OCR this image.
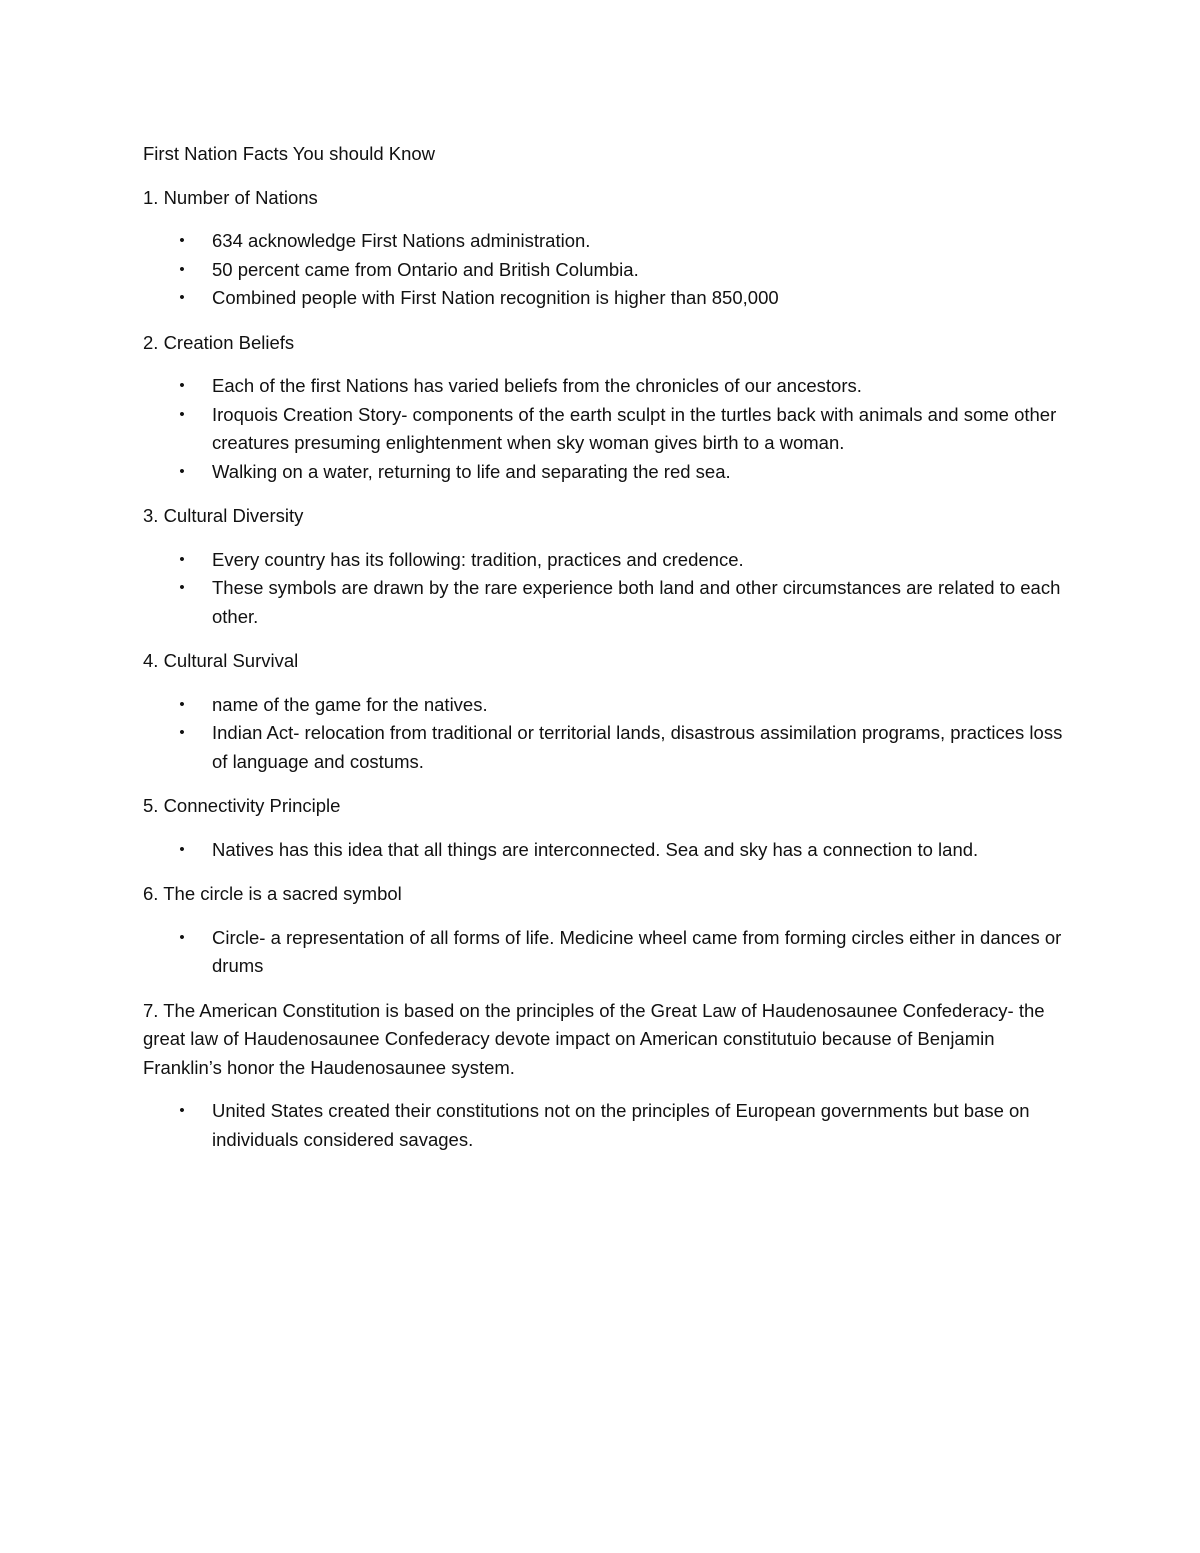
First Nation Facts You should Know

1. Number of Nations

• 634 acknowledge First Nations administration.
• 50 percent came from Ontario and British Columbia.
• Combined people with First Nation recognition is higher than 850,000

2. Creation Beliefs

• Each of the first Nations has varied beliefs from the chronicles of our ancestors.
• Iroquois Creation Story- components of the earth sculpt in the turtles back with animals and some other creatures presuming enlightenment when sky woman gives birth to a woman.
• Walking on a water, returning to life and separating the red sea.

3. Cultural Diversity

• Every country has its following: tradition, practices and credence.
• These symbols are drawn by the rare experience both land and other circumstances are related to each other.

4. Cultural Survival

• name of the game for the natives.
• Indian Act- relocation from traditional or territorial lands, disastrous assimilation programs, practices loss of language and costums.

5. Connectivity Principle

• Natives has this idea that all things are interconnected. Sea and sky has a connection to land.

6. The circle is a sacred symbol

• Circle- a representation of all forms of life. Medicine wheel came from forming circles either in dances or drums

7. The American Constitution is based on the principles of the Great Law of Haudenosaunee Confederacy- the great law of Haudenosaunee Confederacy devote impact on American constitutuio because of Benjamin Franklin’s honor the Haudenosaunee system.

• United States created their constitutions not on the principles of European governments but base on individuals considered savages.
